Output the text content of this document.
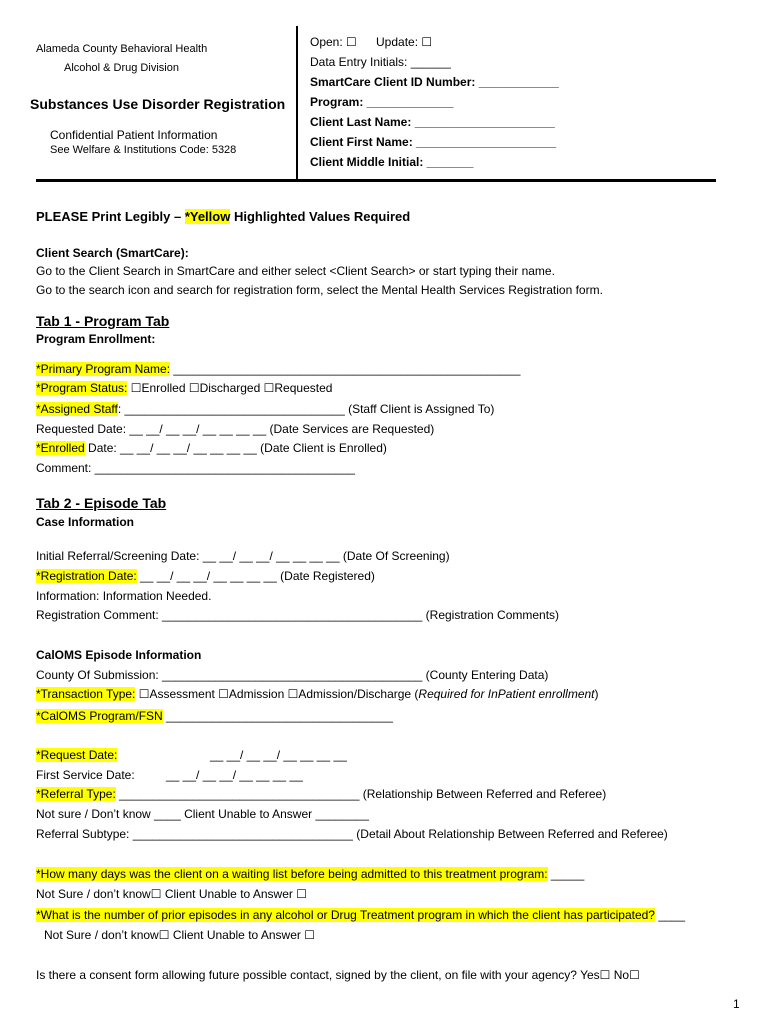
Alameda County Behavioral Health
Alcohol & Drug Division
Substances Use Disorder Registration
Confidential Patient Information
See Welfare & Institutions Code: 5328
Open: ☐ Update: ☐
Data Entry Initials: ______
SmartCare Client ID Number: ____________
Program: _____________
Client Last Name: _____________________
Client First Name: _____________________
Client Middle Initial: _______
PLEASE Print Legibly – *Yellow Highlighted Values Required
Client Search (SmartCare):
Go to the Client Search in SmartCare and either select <Client Search> or start typing their name.
Go to the search icon and search for registration form, select the Mental Health Services Registration form.
Tab 1 - Program Tab
Program Enrollment:
*Primary Program Name: ____________________________________________________
*Program Status: ☐Enrolled ☐Discharged ☐Requested
*Assigned Staff: _________________________________ (Staff Client is Assigned To)
Requested Date: __ __/ __ __/ __ __ __ __ (Date Services are Requested)
*Enrolled Date: __ __/ __ __/ __ __ __ __ (Date Client is Enrolled)
Comment: _______________________________________
Tab 2 - Episode Tab
Case Information
Initial Referral/Screening Date: __ __/ __ __/ __ __ __ __ (Date Of Screening)
*Registration Date: __ __/ __ __/ __ __ __ __ (Date Registered)
Information: Information Needed.
Registration Comment: _______________________________________ (Registration Comments)
CalOMS Episode Information
County Of Submission: _______________________________________ (County Entering Data)
*Transaction Type: ☐Assessment ☐Admission ☐Admission/Discharge (Required for InPatient enrollment)
*CalOMS Program/FSN __________________________________
*Request Date:	__ __/ __ __/ __ __ __ __
First Service Date:	__ __/ __ __/ __ __ __ __
*Referral Type: ____________________________________ (Relationship Between Referred and Referee)
Not sure / Don’t know ____ Client Unable to Answer ________
Referral Subtype: _________________________________ (Detail About Relationship Between Referred and Referee)
*How many days was the client on a waiting list before being admitted to this treatment program: _____
Not Sure / don’t know☐ Client Unable to Answer ☐
*What is the number of prior episodes in any alcohol or Drug Treatment program in which the client has participated? ____
Not Sure / don’t know☐ Client Unable to Answer ☐
Is there a consent form allowing future possible contact, signed by the client, on file with your agency? Yes☐ No☐
1
